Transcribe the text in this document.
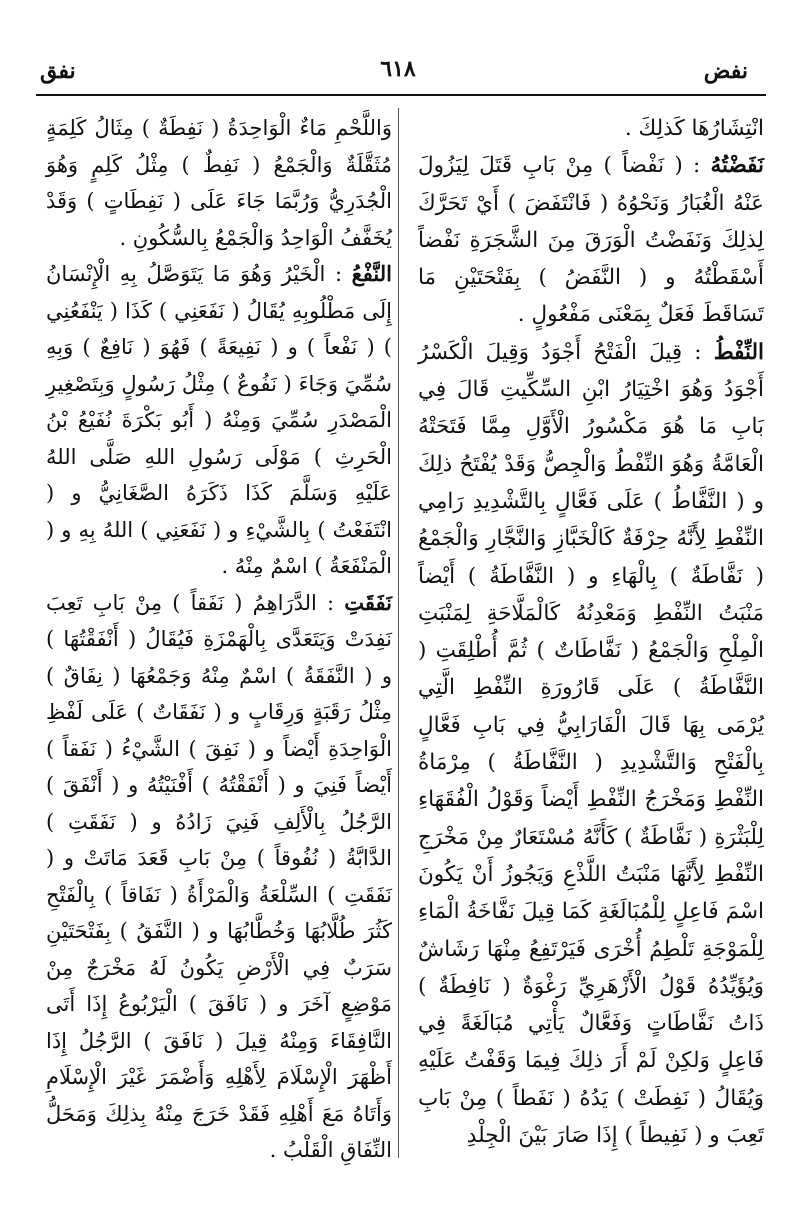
نفض
٦١٨
نفق

انْتِشَارُهَا كَذلِكَ .

نَفَضْتُهُ : ( نَفْضاً ) مِنْ بَابِ قَتَلَ لِيَزُولَ عَنْهُ الْغُبَارُ وَنَحْوُهُ ( فَانْتَفَضَ ) أَيْ تَحَرَّكَ لِذلِكَ وَنَفَضْتُ الْوَرَقَ مِنَ الشَّجَرَةِ نَفْضاً أَسْقَطْتُهُ و ( النَّفَضُ ) بِفَتْحَتَيْنِ مَا تَسَاقَطَ فَعَلٌ بِمَعْنَى مَفْعُولٍ .

النِّفْطُ : قِيلَ الْفَتْحُ أَجْوَدُ وَقِيلَ الْكَسْرُ أَجْوَدُ وَهُوَ اخْتِيَارُ ابْنِ السِّكِّيتِ قَالَ فِي بَابِ مَا هُوَ مَكْسُورُ الْأَوَّلِ مِمَّا فَتَحَتْهُ الْعَامَّةُ وَهُوَ النِّفْطُ وَالْجِصُّ وَقَدْ يُفْتَحُ ذلِكَ و ( النَّفَّاطُ ) عَلَى فَعَّالٍ بِالتَّشْدِيدِ رَامِي النِّفْطِ لِأَنَّهُ حِرْفَةٌ كَالْخَبَّازِ وَالنَّجَّارِ وَالْجَمْعُ ( نَفَّاطَةٌ ) بِالْهَاءِ و ( النَّفَّاطَةُ ) أَيْضاً مَنْبَتُ النِّفْطِ وَمَعْدِنُهُ كَالْمَلَّاحَةِ لِمَنْبَتِ الْمِلْحِ وَالْجَمْعُ ( نَفَّاطَاتٌ ) ثُمَّ أُطْلِقَتِ ( النَّفَّاطَةُ ) عَلَى قَارُورَةِ النِّفْطِ الَّتِي يُرْمَى بِهَا قَالَ الْفَارَابِيُّ فِي بَابِ فَعَّالٍ بِالْفَتْحِ وَالتَّشْدِيدِ ( النَّفَّاطَةُ ) مِرْمَاةُ النِّفْطِ وَمَخْرَجُ النِّفْطِ أَيْضاً وَقَوْلُ الْفُقَهَاءِ لِلْبَثْرَةِ ( نَفَّاطَةٌ ) كَأَنَّهُ مُسْتَعَارٌ مِنْ مَخْرَجِ النِّفْطِ لِأَنَّهَا مَنْبَتُ اللَّذْعِ وَيَجُوزُ أَنْ يَكُونَ اسْمَ فَاعِلٍ لِلْمُبَالَغَةِ كَمَا قِيلَ نَفَّاخَةُ الْمَاءِ لِلْمَوْجَةِ تَلْطِمُ أُخْرَى فَيَرْتَفِعُ مِنْهَا رَشَاشٌ وَيُؤَيِّدُهُ قَوْلُ الْأَزْهَرِيِّ رَغْوَةٌ ( نَافِطَةٌ ) ذَاتُ نَفَّاطَاتٍ وَفَعَّالٌ يَأْتِي مُبَالَغَةً فِي فَاعِلٍ وَلكِنْ لَمْ أَرَ ذلِكَ فِيمَا وَقَفْتُ عَلَيْهِ وَيُقَالُ ( نَفِطَتْ ) يَدُهُ ( نَفَطاً ) مِنْ بَابِ تَعِبَ و ( نَفِيطاً ) إِذَا صَارَ بَيْنَ الْجِلْدِ

وَاللَّحْمِ مَاءٌ الْوَاحِدَةُ ( نَفِطَةٌ ) مِثَالُ كَلِمَةٍ مُثَقَّلَةٌ وَالْجَمْعُ ( نَفِطٌ ) مِثْلُ كَلِمٍ وَهُوَ الْجُدَرِيُّ وَرُبَّمَا جَاءَ عَلَى ( نَفِطَاتٍ ) وَقَدْ يُخَفَّفُ الْوَاحِدُ وَالْجَمْعُ بِالسُّكُونِ .

النَّفْعُ : الْخَيْرُ وَهُوَ مَا يَتَوَصَّلُ بِهِ الْإِنْسَانُ إِلَى مَطْلُوبِهِ يُقَالُ ( نَفَعَنِي ) كَذَا ( يَنْفَعُنِي ) ( نَفْعاً ) و ( نَفِيعَةً ) فَهُوَ ( نَافِعٌ ) وَبِهِ سُمِّيَ وَجَاءَ ( نَفُوعٌ ) مِثْلُ رَسُولٍ وَبِتَصْغِيرِ الْمَصْدَرِ سُمِّيَ وَمِنْهُ ( أَبُو بَكْرَةَ نُفَيْعُ بْنُ الْحَرِثِ ) مَوْلَى رَسُولِ اللهِ صَلَّى اللهُ عَلَيْهِ وَسَلَّمَ كَذَا ذَكَرَهُ الصَّغَانِيُّ و ( انْتَفَعْتُ ) بِالشَّيْءِ و ( نَفَعَنِي ) اللهُ بِهِ و ( الْمَنْفَعَةُ ) اسْمٌ مِنْهُ .

نَفَقَتِ : الدَّرَاهِمُ ( نَفَقاً ) مِنْ بَابِ تَعِبَ نَفِدَتْ وَيَتَعَدَّى بِالْهَمْزَةِ فَيُقَالُ ( أَنْفَقْتُهَا ) و ( النَّفَقَةُ ) اسْمٌ مِنْهُ وَجَمْعُهَا ( نِفَاقٌ ) مِثْلُ رَقَبَةٍ وَرِقَابٍ و ( نَفَقَاتٌ ) عَلَى لَفْظِ الْوَاحِدَةِ أَيْضاً و ( نَفِقَ ) الشَّيْءُ ( نَفَقاً ) أَيْضاً فَنِيَ و ( أَنْفَقْتُهُ ) أَفْنَيْتُهُ و ( أَنْفَقَ ) الرَّجُلُ بِالْأَلِفِ فَنِيَ زَادُهُ و ( نَفَقَتِ ) الدَّابَّةُ ( نُفُوقاً ) مِنْ بَابِ قَعَدَ مَاتَتْ و ( نَفَقَتِ ) السِّلْعَةُ وَالْمَرْأَةُ ( نَفَاقاً ) بِالْفَتْحِ كَثُرَ طُلَّابُهَا وَخُطَّابُهَا و ( النَّفَقُ ) بِفَتْحَتَيْنِ سَرَبٌ فِي الْأَرْضِ يَكُونُ لَهُ مَخْرَجٌ مِنْ مَوْضِعٍ آخَرَ و ( نَافَقَ ) الْيَرْبُوعُ إِذَا أَتَى النَّافِقَاءَ وَمِنْهُ قِيلَ ( نَافَقَ ) الرَّجُلُ إِذَا أَظْهَرَ الْإِسْلَامَ لِأَهْلِهِ وَأَضْمَرَ غَيْرَ الْإِسْلَامِ وَأَتَاهُ مَعَ أَهْلِهِ فَقَدْ خَرَجَ مِنْهُ بِذلِكَ وَمَحَلُّ النِّفَاقِ الْقَلْبُ .
